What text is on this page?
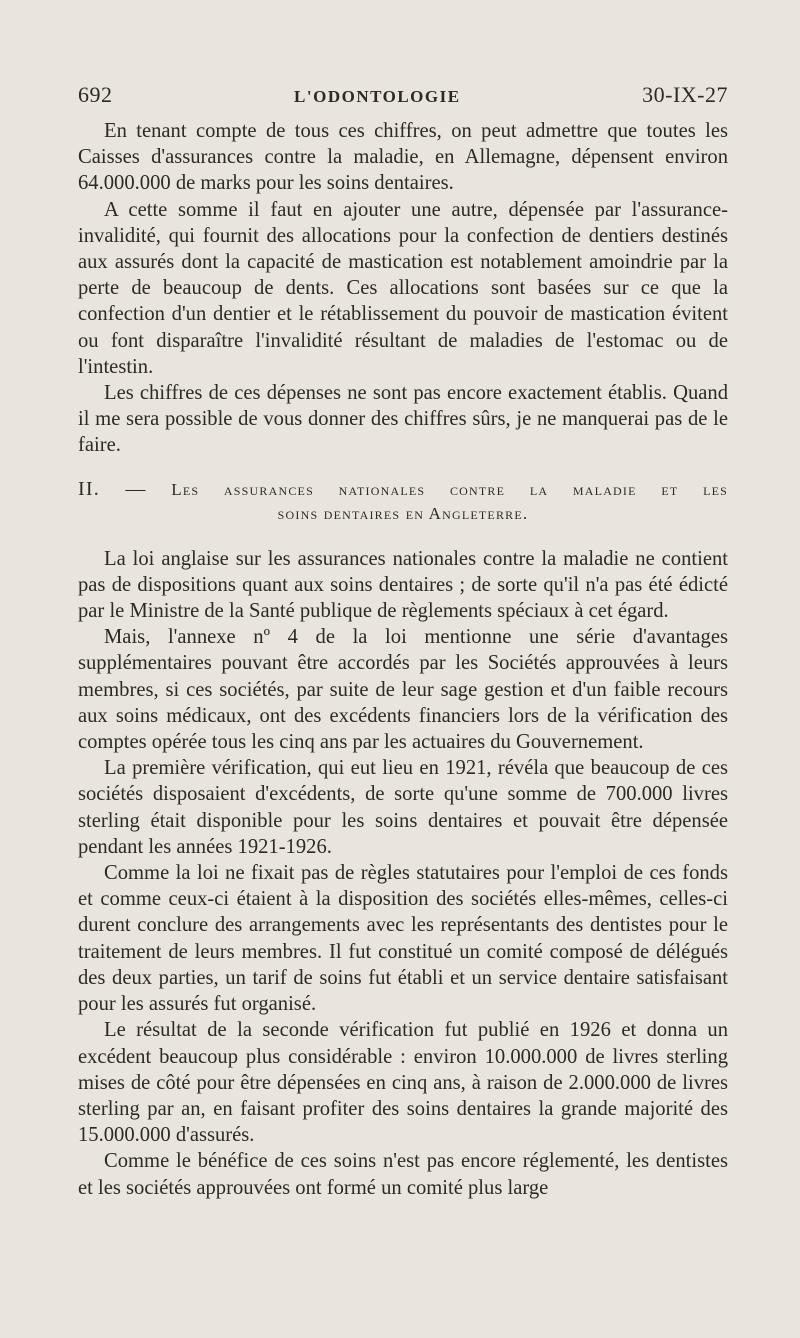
692	L'ODONTOLOGIE	30-IX-27

En tenant compte de tous ces chiffres, on peut admettre que toutes les Caisses d'assurances contre la maladie, en Allemagne, dépensent environ 64.000.000 de marks pour les soins dentaires.

A cette somme il faut en ajouter une autre, dépensée par l'assurance-invalidité, qui fournit des allocations pour la confection de dentiers destinés aux assurés dont la capacité de mastication est notablement amoindrie par la perte de beaucoup de dents. Ces allocations sont basées sur ce que la confection d'un dentier et le rétablissement du pouvoir de mastication évitent ou font disparaître l'invalidité résultant de maladies de l'estomac ou de l'intestin.

Les chiffres de ces dépenses ne sont pas encore exactement établis. Quand il me sera possible de vous donner des chiffres sûrs, je ne manquerai pas de le faire.

II. — Les assurances nationales contre la maladie et les
soins dentaires en Angleterre.

La loi anglaise sur les assurances nationales contre la maladie ne contient pas de dispositions quant aux soins dentaires ; de sorte qu'il n'a pas été édicté par le Ministre de la Santé publique de règlements spéciaux à cet égard.

Mais, l'annexe nº 4 de la loi mentionne une série d'avantages supplémentaires pouvant être accordés par les Sociétés approuvées à leurs membres, si ces sociétés, par suite de leur sage gestion et d'un faible recours aux soins médicaux, ont des excédents financiers lors de la vérification des comptes opérée tous les cinq ans par les actuaires du Gouvernement.

La première vérification, qui eut lieu en 1921, révéla que beaucoup de ces sociétés disposaient d'excédents, de sorte qu'une somme de 700.000 livres sterling était disponible pour les soins dentaires et pouvait être dépensée pendant les années 1921-1926.

Comme la loi ne fixait pas de règles statutaires pour l'emploi de ces fonds et comme ceux-ci étaient à la disposition des sociétés elles-mêmes, celles-ci durent conclure des arrangements avec les représentants des dentistes pour le traitement de leurs membres. Il fut constitué un comité composé de délégués des deux parties, un tarif de soins fut établi et un service dentaire satisfaisant pour les assurés fut organisé.

Le résultat de la seconde vérification fut publié en 1926 et donna un excédent beaucoup plus considérable : environ 10.000.000 de livres sterling mises de côté pour être dépensées en cinq ans, à raison de 2.000.000 de livres sterling par an, en faisant profiter des soins dentaires la grande majorité des 15.000.000 d'assurés.

Comme le bénéfice de ces soins n'est pas encore réglementé, les dentistes et les sociétés approuvées ont formé un comité plus large
